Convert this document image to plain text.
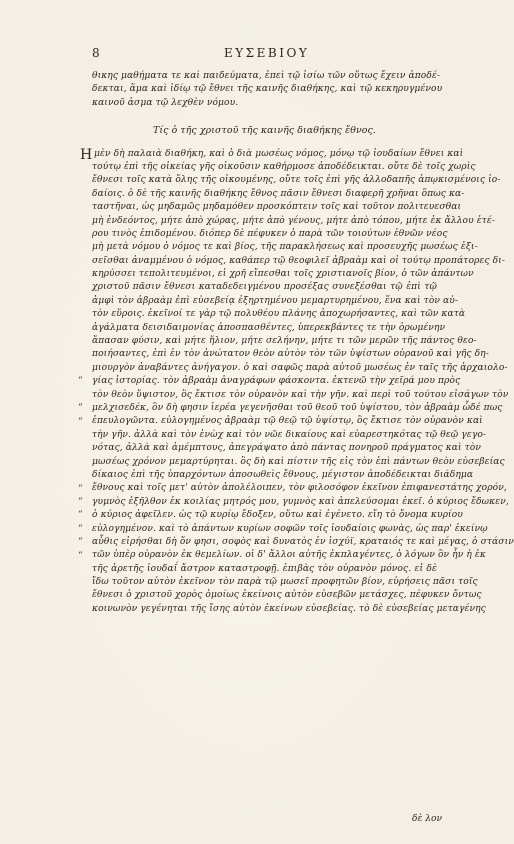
8	ΕΥΣΕΒΙΟΥ
θικης μαθήματα τε καὶ παιδεύματα, ἐπεὶ τῷ ἰσίω τῶν οὕτως ἔχειν ἀποδέ-
δεκται, ἅμα καὶ ἰδίῳ τῷ ἔθνει τῆς καινῆς διαθήκης, καὶ τῷ κεκηρυγμένου
καινοῦ ἀσμα τῷ λεχθὲν νόμου.
Τίς ὁ τῆς χριστοῦ τῆς καινῆς διαθήκης ἔθνος.
Η μὲν δὴ παλαιὰ διαθήκη, καὶ ὁ διὰ μωσέως νόμος, μόνῳ τῷ ἰουδαίων ἔθνει καὶ
τούτῳ ἐπὶ τῆς οἰκείας γῆς οἰκοῦσιν καθήρμοσε ἀποδέδεικται. οὔτε δὲ τοῖς χωρὶς
ἔθνεσι τοῖς κατὰ ὅλης τῆς οἰκουμένης, οὔτε τοῖς ἐπὶ γῆς ἀλλοδαπῆς ἀπῳκισμένοις ἰο-
δαίοις. ὁ δὲ τῆς καινῆς διαθήκης ἔθνος πᾶσιν ἔθνεσι διαφερῆ χρῆναι ὅπως κα-
ταστῆναι, ὡς μηδαμῶς μηδαμόθεν προσκόπτειν τοῖς καὶ τοῦτον πολιτευεσθαι
μὴ ἐνδεόντος, μήτε ἀπὸ χώρας, μήτε ἀπὸ γένους, μήτε ἀπὸ τόπου, μήτε ἐκ ἄλλου ἑτέ-
ρου τινὸς ἐπιδομένου. διόπερ δὲ πέφυκεν ὁ παρὰ τῶν τοιούτων ἐθνῶν νέος
μὴ μετὰ νόμου ὁ νόμος τε καὶ βίος, τῆς παρακλήσεως καὶ προσευχῆς μωσέως ἐξι-
σεῖσθαι ἀναμμένου ὁ νόμος, καθάπερ τῷ θεοφιλεῖ ἀβραὰμ καὶ οἱ τούτῳ προπάτορες δι-
κηρύσσει τεπολιτευμένοι, εἰ χρῆ εἴπεσθαι τοῖς χριστιανοῖς βίον, ὁ τῶν ἁπάντων
χριστοῦ πᾶσιν ἔθνεσι καταδεδειγμένου προσέξας συνεξέσθαι τῷ ἐπὶ τῷ
ἀμφὶ τὸν ἀβραὰμ ἐπὶ εὐσεβείᾳ ἐξηρτημένου μεμαρτυρημένου, ἕνα καὶ τὸν αὐ-
τὸν εὕροις. ἐκεῖνοί τε γὰρ τῷ πολυθέου πλάνης ἀποχωρήσαντες, καὶ τῶν κατὰ
ἀγάλματα δεισιδαιμονίας ἀποσπασθέντες, ὑπερεκβάντες τε τὴν ὁρωμένην
ἅπασαν φύσιν, καὶ μήτε ἥλιον, μήτε σελήνην, μήτε τι τῶν μερῶν τῆς πάντος θεο-
ποιήσαντες, ἐπὶ ἐν τὸν ἀνώτατον θεὸν αὐτὸν τὸν τῶν ὑψίστων οὐρανοῦ καὶ γῆς δη-
μιουργὸν ἀναβάντες ἀνήγαγον. ὁ καὶ σαφῶς παρὰ αὐτοῦ μωσέως ἐν ταῖς τῆς ἀρχαιολο-
γίας ἱστορίας. τὸν ἀβραὰμ ἀναγράφων φάσκοντα. ἐκτενῶ τὴν χεῖρά μου πρὸς
“
τὸν θεὸν ὕψιστον, ὃς ἔκτισε τὸν οὐρανὸν καὶ τὴν γῆν. καὶ περὶ τοῦ τούτου εἰσάγων τὸν
μελχισεδέκ, ὃν δὴ φησιν ἱερέα γεγενῆσθαι τοῦ θεοῦ τοῦ ὑψίστου, τὸν ἀβραὰμ ὧδέ πως
“
ἐπευλογῶντα. εὐλογημένος ἀβραὰμ τῷ θεῷ τῷ ὑψίστῳ, ὃς ἔκτισε τὸν οὐρανὸν καὶ
“
τὴν γῆν. ἀλλὰ καὶ τὸν ἐνὼχ καὶ τὸν νῶε δικαίους καὶ εὐαρεστηκότας τῷ θεῷ γεγο-
νότας, ἀλλὰ καὶ ἀμέμπτους, ἀπεγράψατο ἀπὸ πάντας πονηροῦ πράγματος καὶ τὸν
μωσέως χρόνον μεμαρτύρηται. ὃς δὴ καὶ πίστιν τῆς εἰς τὸν ἐπὶ πάντων θεὸν εὐσεβείας
δίκαιος ἐπὶ τῆς ὑπαρχόντων ἀποσωθεὶς ἔθνους, μέγιστον ἀποδέδεικται διάδημα
ἔθνους καὶ τοῖς μετ' αὐτὸν ἀπολέλοιπεν, τὸν φιλοσόφον ἐκεῖνον ἐπιφανεστάτης χορόν,
“
γυμνὸς ἐξῆλθον ἐκ κοιλίας μητρός μου, γυμνὸς καὶ ἀπελεύσομαι ἐκεῖ. ὁ κύριος ἔδωκεν,
“
ὁ κύριος ἀφεῖλεν. ὡς τῷ κυρίῳ ἔδοξεν, οὕτω καὶ ἐγένετο. εἴη τὸ ὄνομα κυρίου
“
εὐλογημένον. καὶ τὸ ἀπάντων κυρίων σοφῶν τοῖς ἰουδαίοις φωνὰς, ὡς παρ' ἐκείνῳ
“
αὖθις εἰρήσθαι δὴ ὅν φησι, σοφὸς καὶ δυνατὸς ἐν ἰσχύϊ, κραταιός τε καὶ μέγας, ὁ στάσιν
“
τῶν ὑπὲρ οὐρανὸν ἐκ θεμελίων. οἱ δ' ἄλλοι αὐτῆς ἐκπλαγέντες, ὁ λόγων ὃν ἦν ἡ ἐκ
“
τῆς ἀρετῆς ἰουδαΐ ἄστρον καταστροφῇ. ἐπιβὰς τὸν οὐρανὸν μόνος. εἰ δὲ
ἴδω τοῦτον αὐτὸν ἐκεῖνον τὸν παρὰ τῷ μωσεῖ προφητῶν βίον, εὑρήσεις πᾶσι τοῖς
ἔθνεσι ὁ χριστοῦ χορὸς ὁμοίως ἐκείνοις αὐτὸν εὐσεβῶν μετάσχες, πέφυκεν ὄντως
κοινωνὸν γεγένηται τῆς ἴσης αὐτὸν ἐκείνων εὐσεβείας. τὸ δὲ εὐσεβείας μεταγένης
δὲ λον
